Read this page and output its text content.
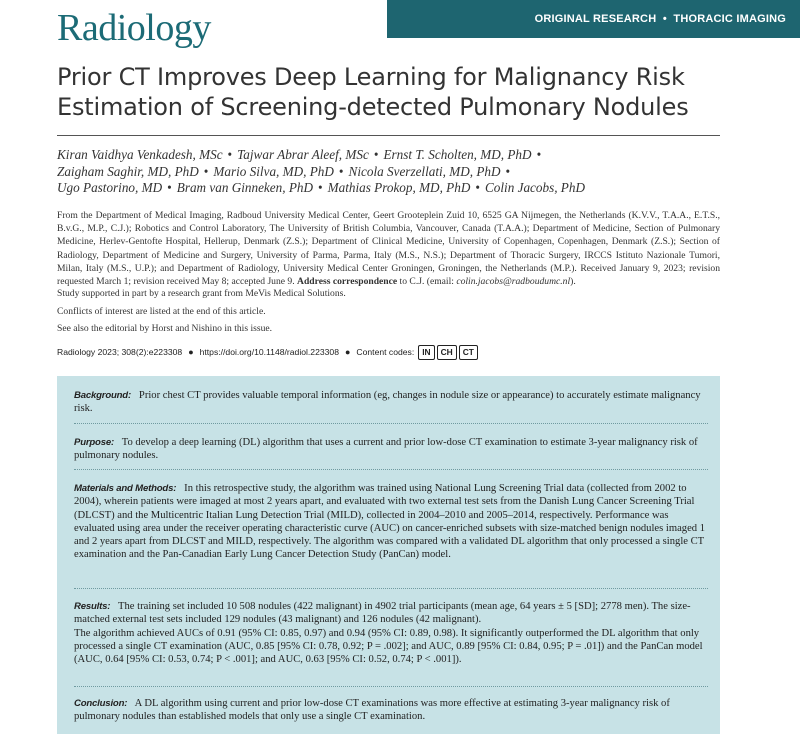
Radiology	ORIGINAL RESEARCH  •  THORACIC IMAGING
Prior CT Improves Deep Learning for Malignancy Risk Estimation of Screening-detected Pulmonary Nodules
Kiran Vaidhya Venkadesh, MSc • Tajwar Abrar Aleef, MSc • Ernst T. Scholten, MD, PhD •
Zaigham Saghir, MD, PhD • Mario Silva, MD, PhD • Nicola Sverzellati, MD, PhD •
Ugo Pastorino, MD • Bram van Ginneken, PhD • Mathias Prokop, MD, PhD • Colin Jacobs, PhD

From the Department of Medical Imaging, Radboud University Medical Center, Geert Grooteplein Zuid 10, 6525 GA Nijmegen, the Netherlands (K.V.V., T.A.A., E.T.S., B.v.G., M.P., C.J.); Robotics and Control Laboratory, The University of British Columbia, Vancouver, Canada (T.A.A.); Department of Medicine, Section of Pulmonary Medicine, Herlev-Gentofte Hospital, Hellerup, Denmark (Z.S.); Department of Clinical Medicine, University of Copenhagen, Copenhagen, Denmark (Z.S.); Section of Radiology, Department of Medicine and Surgery, University of Parma, Parma, Italy (M.S., N.S.); Department of Thoracic Surgery, IRCCS Istituto Nazionale Tumori, Milan, Italy (M.S., U.P.); and Department of Radiology, University Medical Center Groningen, Groningen, the Netherlands (M.P.). Received January 9, 2023; revision requested March 1; revision received May 8; accepted June 9. Address correspondence to C.J. (email: colin.jacobs@radboudumc.nl).

Study supported in part by a research grant from MeVis Medical Solutions.

Conflicts of interest are listed at the end of this article.

See also the editorial by Horst and Nishino in this issue.

Radiology 2023; 308(2):e223308 ● https://doi.org/10.1148/radiol.223308 ● Content codes: IN	CH	CT

Background: Prior chest CT provides valuable temporal information (eg, changes in nodule size or appearance) to accurately estimate malignancy risk.

Purpose: To develop a deep learning (DL) algorithm that uses a current and prior low-dose CT examination to estimate 3-year malignancy risk of pulmonary nodules.

Materials and Methods: In this retrospective study, the algorithm was trained using National Lung Screening Trial data (collected from 2002 to 2004), wherein patients were imaged at most 2 years apart, and evaluated with two external test sets from the Danish Lung Cancer Screening Trial (DLCST) and the Multicentric Italian Lung Detection Trial (MILD), collected in 2004–2010 and 2005–2014, respectively. Performance was evaluated using area under the receiver operating characteristic curve (AUC) on cancer-enriched subsets with size-matched benign nodules imaged 1 and 2 years apart from DLCST and MILD, respectively. The algorithm was compared with a validated DL algorithm that only processed a single CT examination and the Pan-Canadian Early Lung Cancer Detection Study (PanCan) model.

Results: The training set included 10 508 nodules (422 malignant) in 4902 trial participants (mean age, 64 years ± 5 [SD]; 2778 men). The size-matched external test sets included 129 nodules (43 malignant) and 126 nodules (42 malignant).
The algorithm achieved AUCs of 0.91 (95% CI: 0.85, 0.97) and 0.94 (95% CI: 0.89, 0.98). It significantly outperformed the DL algorithm that only processed a single CT examination (AUC, 0.85 [95% CI: 0.78, 0.92; P = .002]; and AUC, 0.89 [95% CI: 0.84, 0.95; P = .01]) and the PanCan model (AUC, 0.64 [95% CI: 0.53, 0.74; P < .001]; and AUC, 0.63 [95% CI: 0.52, 0.74; P < .001]).

Conclusion: A DL algorithm using current and prior low-dose CT examinations was more effective at estimating 3-year malignancy risk of pulmonary nodules than established models that only use a single CT examination.
